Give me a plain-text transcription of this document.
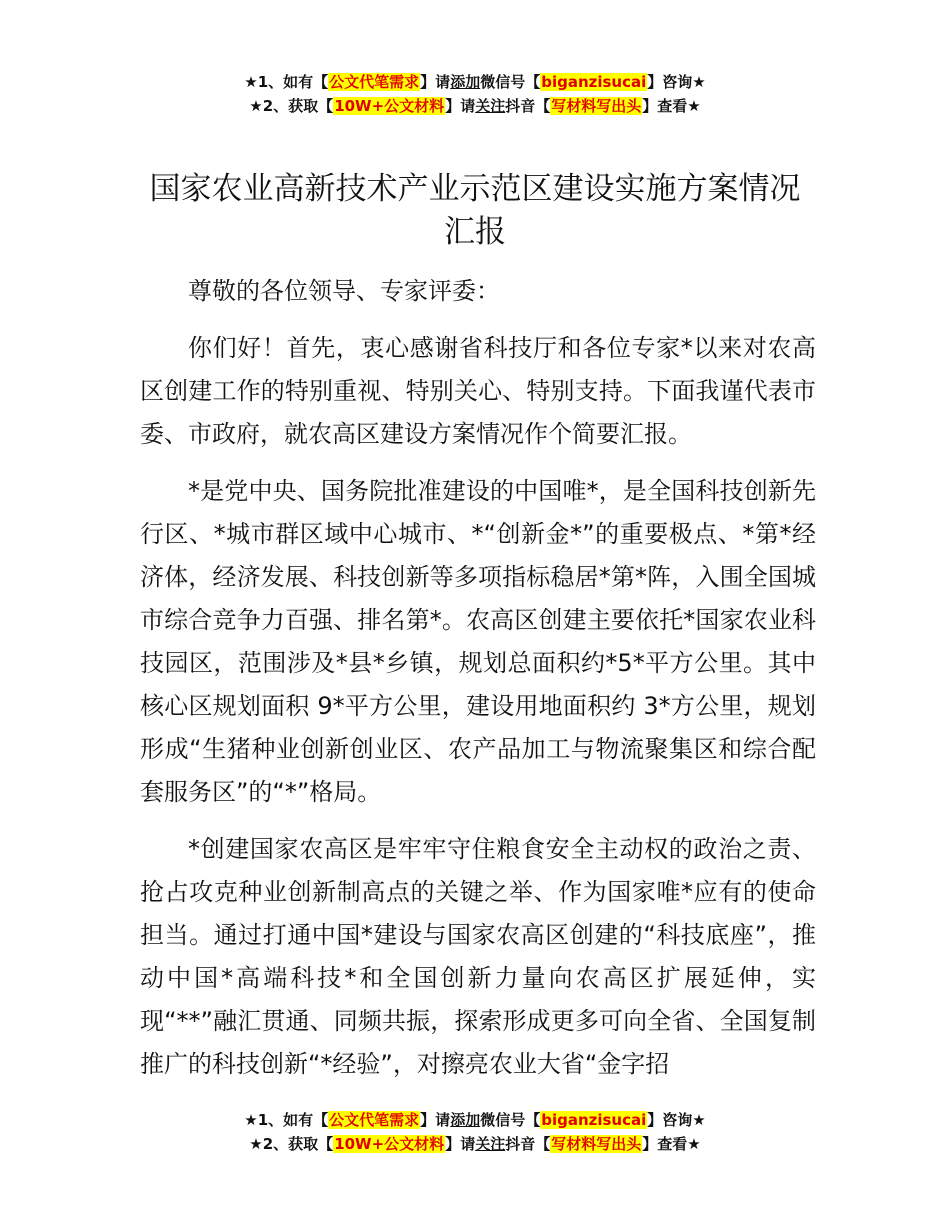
★1、如有【公文代笔需求】请添加微信号【biganzisucai】咨询★
★2、获取【10W+公文材料】请关注抖音【写材料写出头】查看★
国家农业高新技术产业示范区建设实施方案情况汇报

尊敬的各位领导、专家评委：

你们好！首先，衷心感谢省科技厅和各位专家*以来对农高区创建工作的特别重视、特别关心、特别支持。下面我谨代表市委、市政府，就农高区建设方案情况作个简要汇报。

*是党中央、国务院批准建设的中国唯*，是全国科技创新先行区、*城市群区域中心城市、*“创新金*”的重要极点、*第*经济体，经济发展、科技创新等多项指标稳居*第*阵，入围全国城市综合竞争力百强、排名第*。农高区创建主要依托*国家农业科技园区，范围涉及*县*乡镇，规划总面积约*5*平方公里。其中核心区规划面积 9*平方公里，建设用地面积约 3*方公里，规划形成“生猪种业创新创业区、农产品加工与物流聚集区和综合配套服务区”的“*”格局。

*创建国家农高区是牢牢守住粮食安全主动权的政治之责、抢占攻克种业创新制高点的关键之举、作为国家唯*应有的使命担当。通过打通中国*建设与国家农高区创建的“科技底座”，推动中国*高端科技*和全国创新力量向农高区扩展延伸，实现“**”融汇贯通、同频共振，探索形成更多可向全省、全国复制推广的科技创新“*经验”，对擦亮农业大省“金字招

★1、如有【公文代笔需求】请添加微信号【biganzisucai】咨询★
★2、获取【10W+公文材料】请关注抖音【写材料写出头】查看★
